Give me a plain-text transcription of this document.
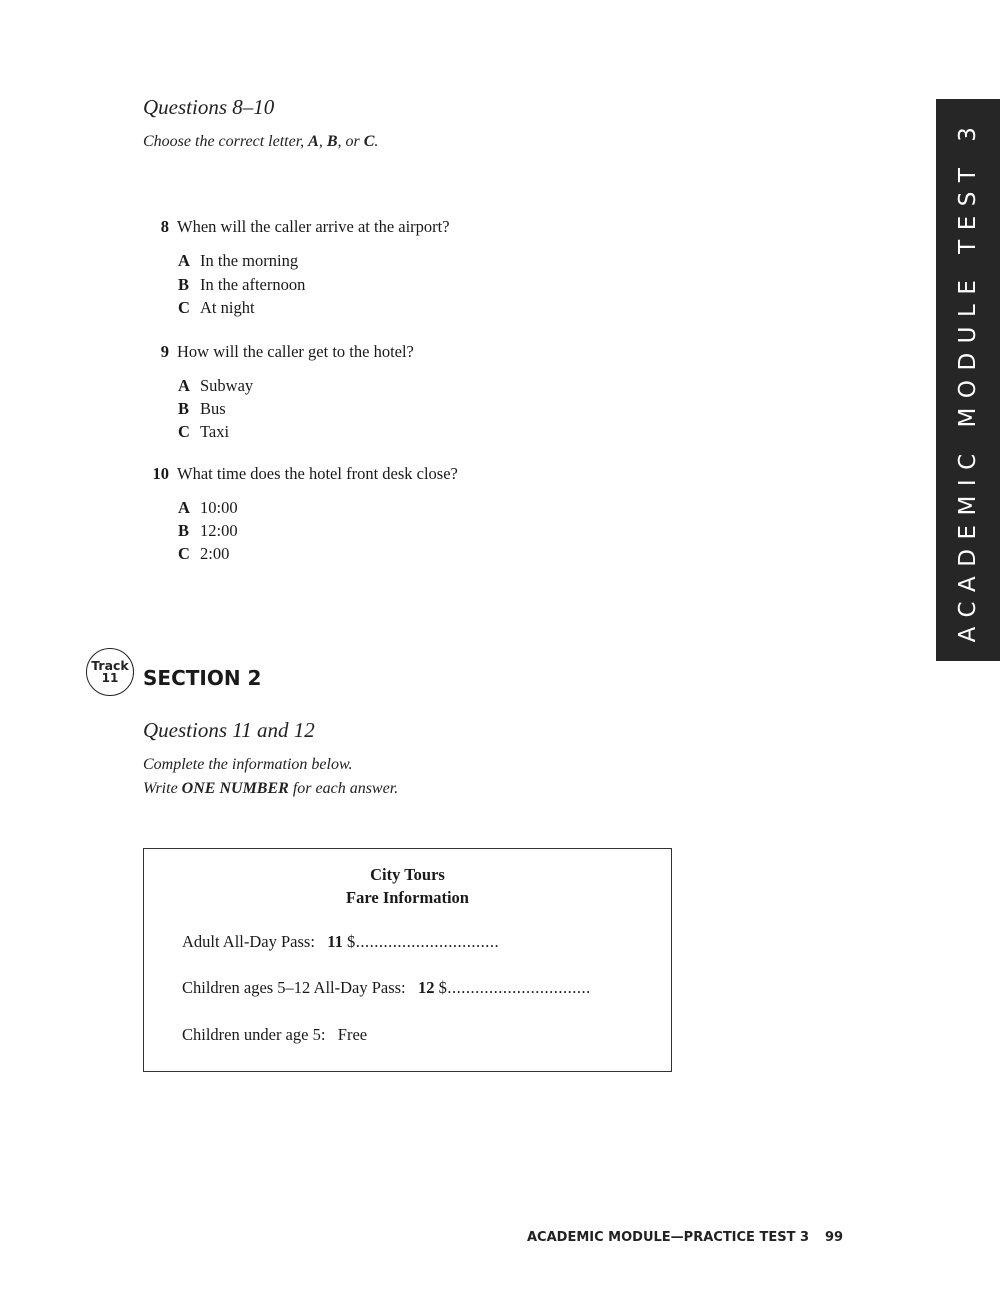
Questions 8–10
Choose the correct letter, A, B, or C.
8 When will the caller arrive at the airport?
A In the morning
B In the afternoon
C At night
9 How will the caller get to the hotel?
A Subway
B Bus
C Taxi
10 What time does the hotel front desk close?
A 10:00
B 12:00
C 2:00	ACADEMIC MODULE TEST 3
Track
11	SECTION 2
Questions 11 and 12
Complete the information below.
Write ONE NUMBER for each answer.
City Tours
Fare Information
Adult All-Day Pass: 11 $...............................
Children ages 5–12 All-Day Pass: 12 $...............................
Children under age 5: Free
ACADEMIC MODULE—PRACTICE TEST 3 99
